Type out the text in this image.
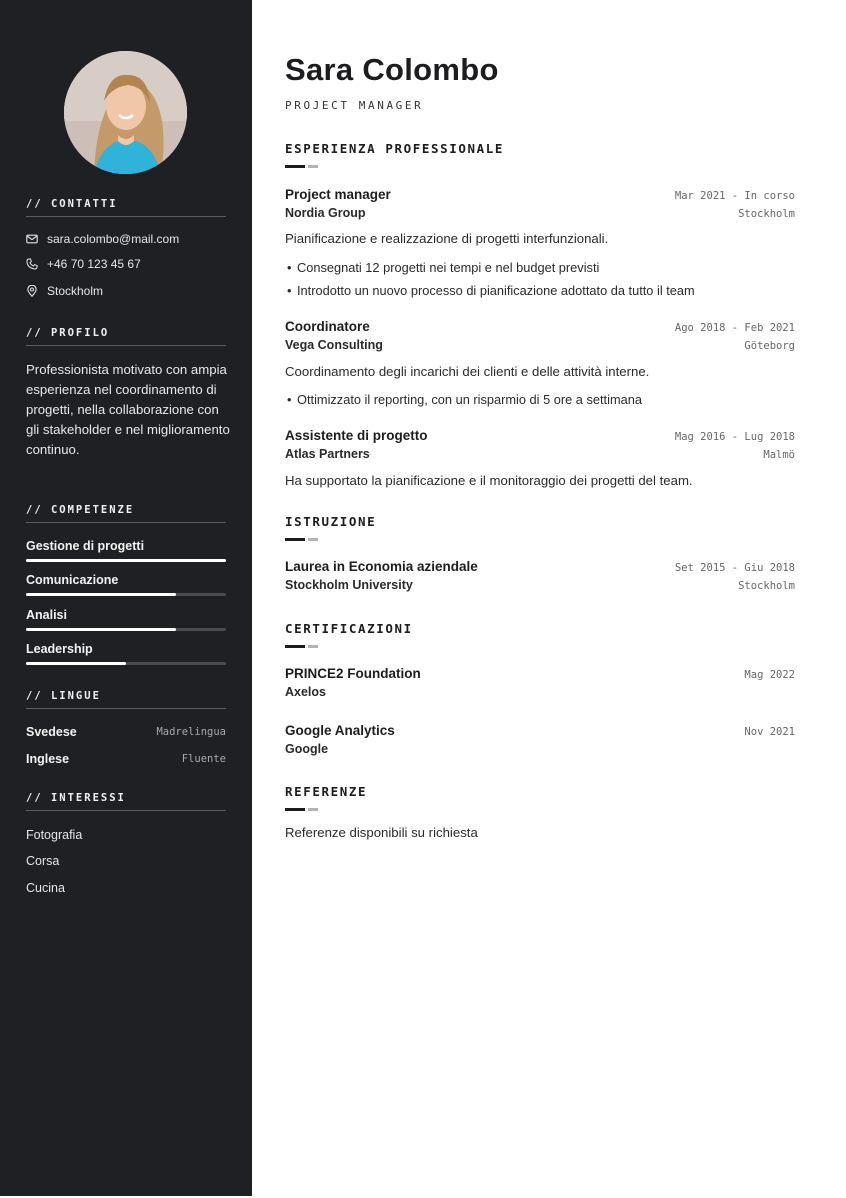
// CONTATTI
sara.colombo@mail.com
+46 70 123 45 67
Stockholm
// PROFILO
Professionista motivato con ampia esperienza nel coordinamento di progetti, nella collaborazione con gli stakeholder e nel miglioramento continuo.
// COMPETENZE
Gestione di progetti
Comunicazione
Analisi
Leadership
// LINGUE
Svedese	Madrelingua
Inglese	Fluente
// INTERESSI
Fotografia
Corsa
Cucina
Sara Colombo
PROJECT MANAGER
ESPERIENZA PROFESSIONALE
Project manager	Mar 2021 - In corso
Nordia Group	Stockholm
Pianificazione e realizzazione di progetti interfunzionali.
• Consegnati 12 progetti nei tempi e nel budget previsti
• Introdotto un nuovo processo di pianificazione adottato da tutto il team
Coordinatore	Ago 2018 - Feb 2021
Vega Consulting	Göteborg
Coordinamento degli incarichi dei clienti e delle attività interne.
• Ottimizzato il reporting, con un risparmio di 5 ore a settimana
Assistente di progetto	Mag 2016 - Lug 2018
Atlas Partners	Malmö
Ha supportato la pianificazione e il monitoraggio dei progetti del team.
ISTRUZIONE
Laurea in Economia aziendale	Set 2015 - Giu 2018
Stockholm University	Stockholm
CERTIFICAZIONI
PRINCE2 Foundation	Mag 2022
Axelos
Google Analytics	Nov 2021
Google
REFERENZE
Referenze disponibili su richiesta
